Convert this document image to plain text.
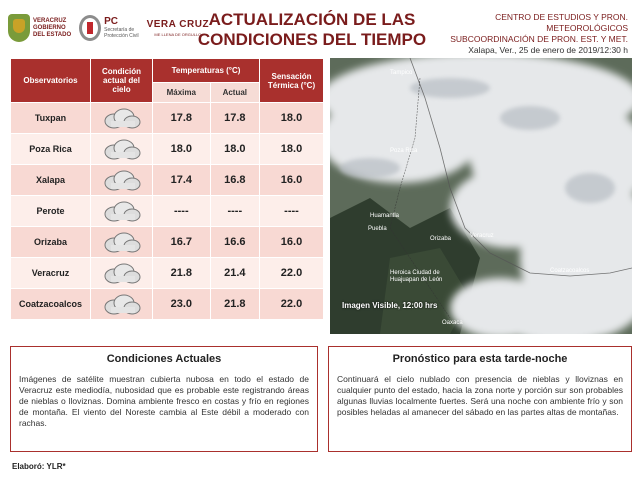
VERACRUZ
GOBIERNO
DEL ESTADO
PC
Secretaría de
Protección Civil
VERA CRUZ
ME LLENA DE ORGULLO
ACTUALIZACIÓN DE LAS CONDICIONES DEL TIEMPO
CENTRO DE ESTUDIOS Y PRON.
METEOROLÓGICOS
SUBCOORDINACIÓN DE PRON. EST. Y MET.
Xalapa, Ver., 25 de enero de 2019/12:30 h
Observatorios	Condición actual del cielo	Temperaturas (°C)		Sensación Térmica (°C)
		Máxima	Actual	
Tuxpan		17.8	17.8	18.0
Poza Rica		18.0	18.0	18.0
Xalapa		17.4	16.8	16.0
Perote		----	----	----
Orizaba		16.7	16.6	16.0
Veracruz		21.8	21.4	22.0
Coatzacoalcos		23.0	21.8	22.0
Tampico
Poza Rica
Veracruz
Huamantla
Puebla
Orizaba
Heroica Ciudad de Huajuapan de León
Coatzacoalcos
Oaxaca
Imagen Visible, 12:00 hrs
Condiciones Actuales
Imágenes de satélite muestran cubierta nubosa en todo el estado de Veracruz este mediodía, nubosidad que es probable este registrando áreas de nieblas o lloviznas. Domina ambiente fresco en costas y frío en regiones de montaña. El viento del Noreste cambia al Este débil a moderado con rachas.
Pronóstico para esta tarde-noche
Continuará el cielo nublado con presencia de nieblas y lloviznas en cualquier punto del estado, hacia la zona norte y porción sur son probables algunas lluvias localmente fuertes. Será una noche con ambiente frío y son posibles heladas al amanecer del sábado en las partes altas de montañas.
Elaboró: YLR*
